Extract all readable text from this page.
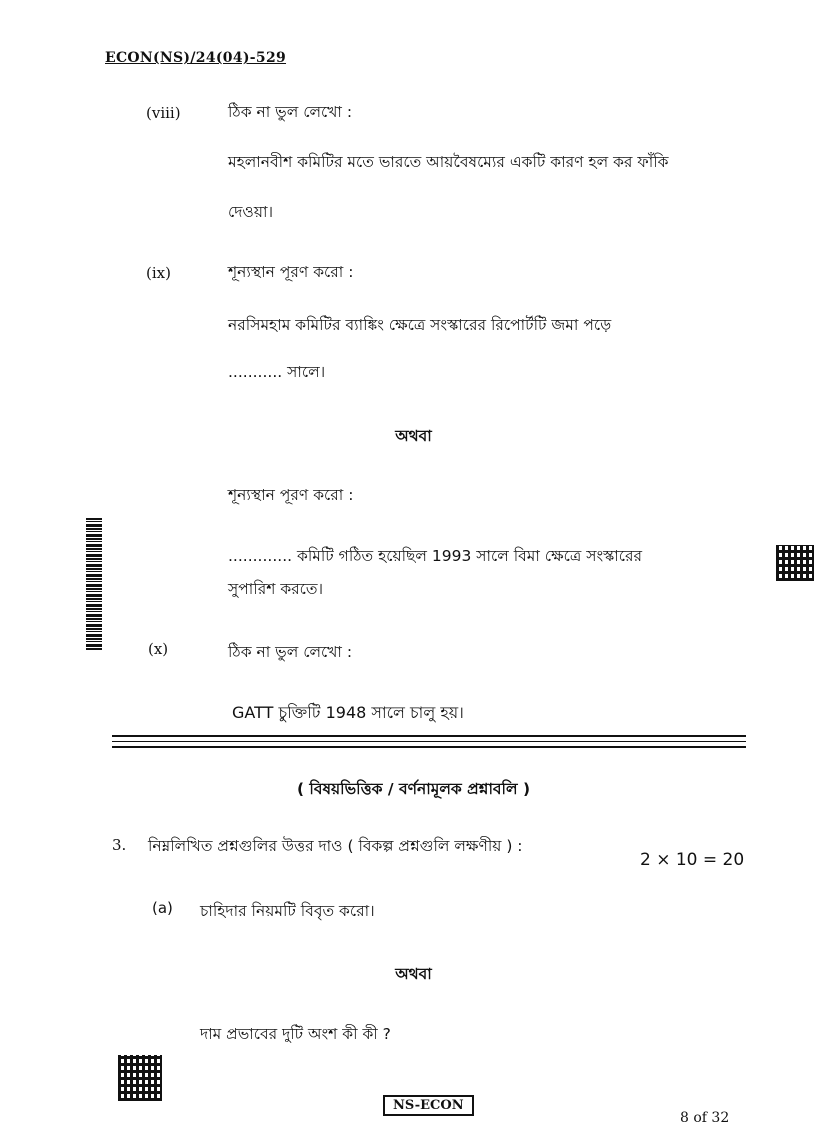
ECON(NS)/24(04)-529
(viii)	ঠিক না ভুল লেখো :
মহলানবীশ কমিটির মতে ভারতে আয়বৈষম্যের একটি কারণ হল কর ফাঁকি
দেওয়া।
(ix)	শূন্যস্থান পূরণ করো :
নরসিমহাম কমিটির ব্যাঙ্কিং ক্ষেত্রে সংস্কারের রিপোর্টটি জমা পড়ে
........... সালে।
অথবা
শূন্যস্থান পূরণ করো :
............. কমিটি গঠিত হয়েছিল 1993 সালে বিমা ক্ষেত্রে সংস্কারের
সুপারিশ করতে।
(x)	ঠিক না ভুল লেখো :
GATT চুক্তিটি 1948 সালে চালু হয়।
( বিষয়ভিত্তিক / বর্ণনামূলক প্রশ্নাবলি )
3. নিম্নলিখিত প্রশ্নগুলির উত্তর দাও ( বিকল্প প্রশ্নগুলি লক্ষণীয় ) :
2 × 10 = 20
(a) চাহিদার নিয়মটি বিবৃত করো।
অথবা
দাম প্রভাবের দুটি অংশ কী কী ?
NS-ECON
8 of 32
